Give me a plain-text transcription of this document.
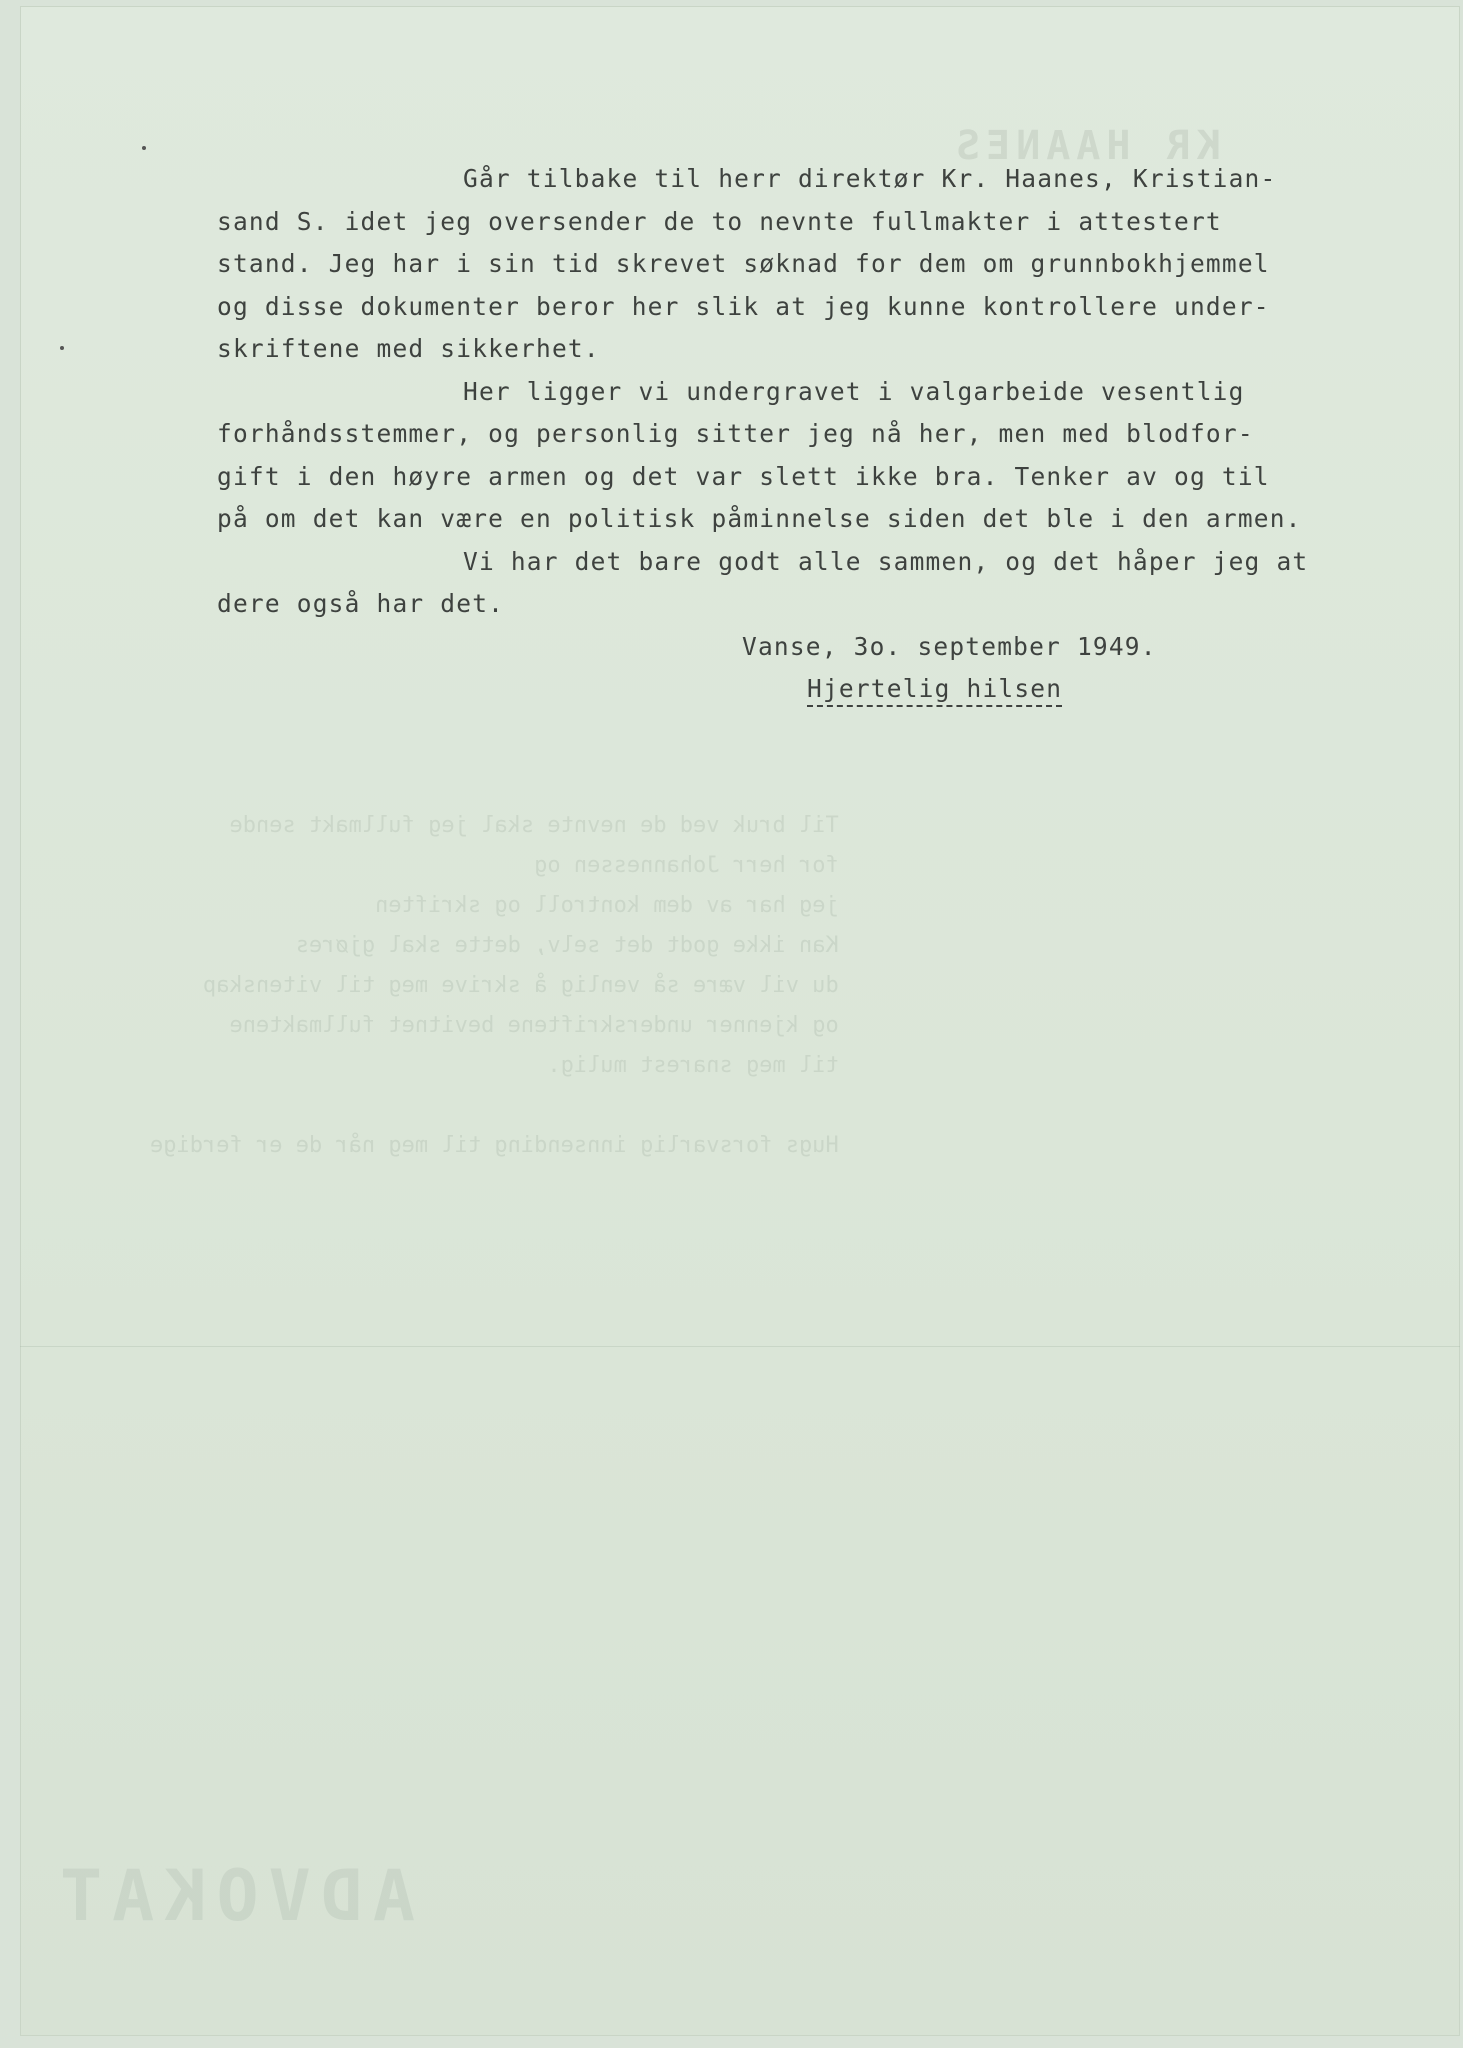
KR HAANES
Til bruk ved de nevnte skal jeg fullmakt sende
for herr Johannessen og
jeg har av dem kontroll og skriften
Kan ikke godt det selv, dette skal gjøres
du vil være så venlig å skrive meg til vitenskap
og kjenner underskriftene bevitnet fullmaktene
til meg snarest mulig.

Hugs forsvarlig innsending til meg når de er ferdige
ADVOKAT

Går tilbake til herr direktør Kr. Haanes, Kristian-

sand S. idet jeg oversender de to nevnte fullmakter i attestert

stand. Jeg har i sin tid skrevet søknad for dem om grunnbokhjemmel

og disse dokumenter beror her slik at jeg kunne kontrollere under-

skriftene med sikkerhet.

Her ligger vi undergravet i valgarbeide vesentlig

forhåndsstemmer, og personlig sitter jeg nå her, men med blodfor-

gift i den høyre armen og det var slett ikke bra. Tenker av og til

på om det kan være en politisk påminnelse siden det ble i den armen.

Vi har det bare godt alle sammen, og det håper jeg at

dere også har det.

Vanse, 3o. september 1949.

Hjertelig hilsen
